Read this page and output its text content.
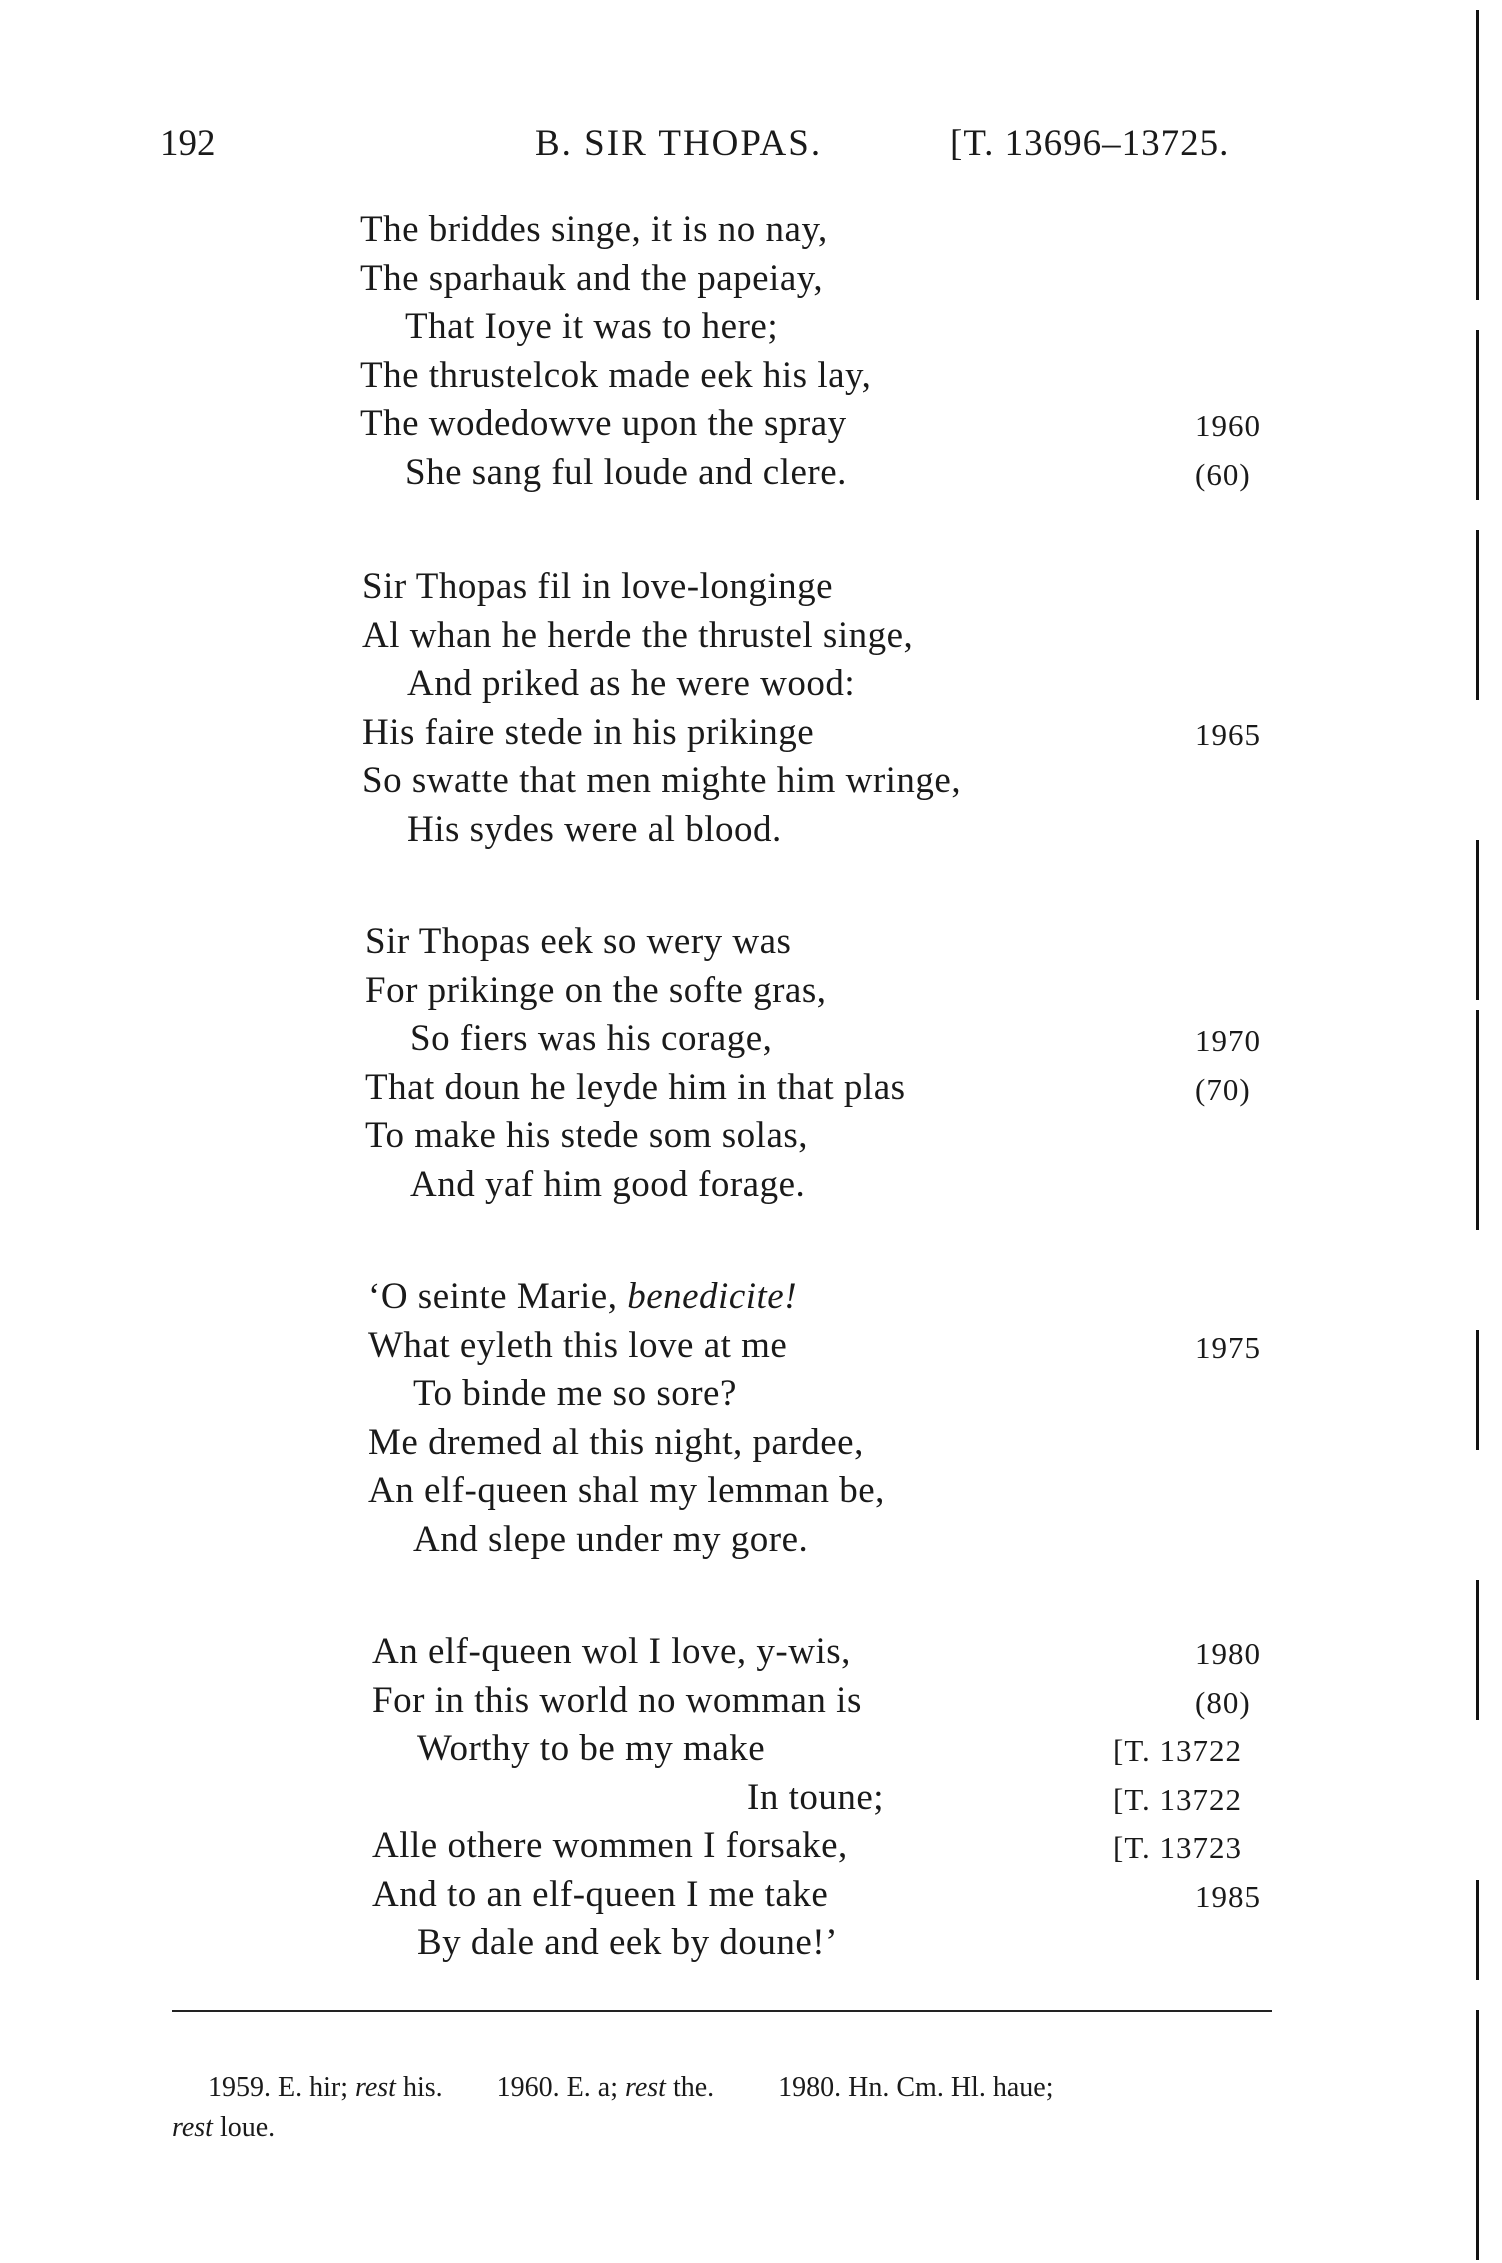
192	B. SIR THOPAS.	[T. 13696–13725.
The briddes singe, it is no nay,
The sparhauk and the papeiay,
That Ioye it was to here;
The thrustelcok made eek his lay,
The wodedowve upon the spray	1960
She sang ful loude and clere.	(60)
Sir Thopas fil in love-longinge
Al whan he herde the thrustel singe,
And priked as he were wood:
His faire stede in his prikinge	1965
So swatte that men mighte him wringe,
His sydes were al blood.
Sir Thopas eek so wery was
For prikinge on the softe gras,
So fiers was his corage,	1970
That doun he leyde him in that plas	(70)
To make his stede som solas,
And yaf him good forage.
‘O seinte Marie, benedicite!
What eyleth this love at me	1975
To binde me so sore?
Me dremed al this night, pardee,
An elf-queen shal my lemman be,
And slepe under my gore.
An elf-queen wol I love, y-wis,	1980
For in this world no womman is	(80)
Worthy to be my make	[T. 13722
In toune;	[T. 13722
Alle othere wommen I forsake,	[T. 13723
And to an elf-queen I me take	1985
By dale and eek by doune!’
1959. E. hir; rest his. 1960. E. a; rest the. 1980. Hn. Cm. Hl. haue;
rest loue.
